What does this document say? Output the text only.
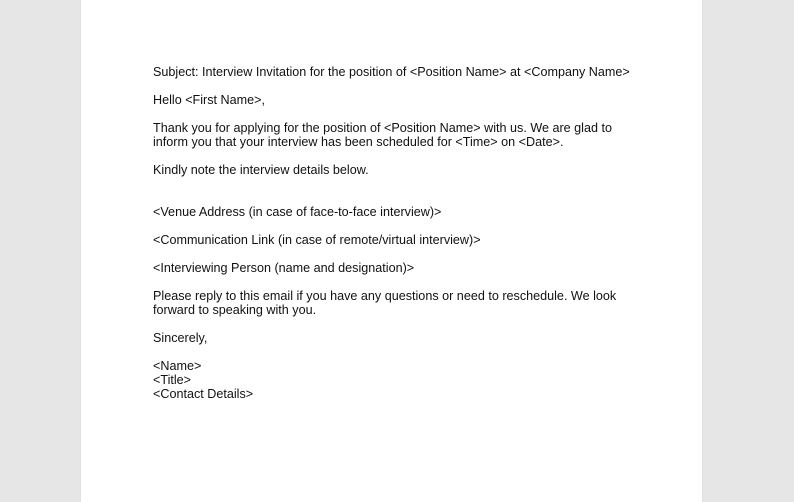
Subject: Interview Invitation for the position of <Position Name> at <Company Name>

Hello <First Name>,

Thank you for applying for the position of <Position Name> with us. We are glad to

inform you that your interview has been scheduled for <Time> on <Date>.

Kindly note the interview details below.

<Venue Address (in case of face-to-face interview)>

<Communication Link (in case of remote/virtual interview)>

<Interviewing Person (name and designation)>

Please reply to this email if you have any questions or need to reschedule. We look

forward to speaking with you.

Sincerely,

<Name>

<Title>

<Contact Details>
